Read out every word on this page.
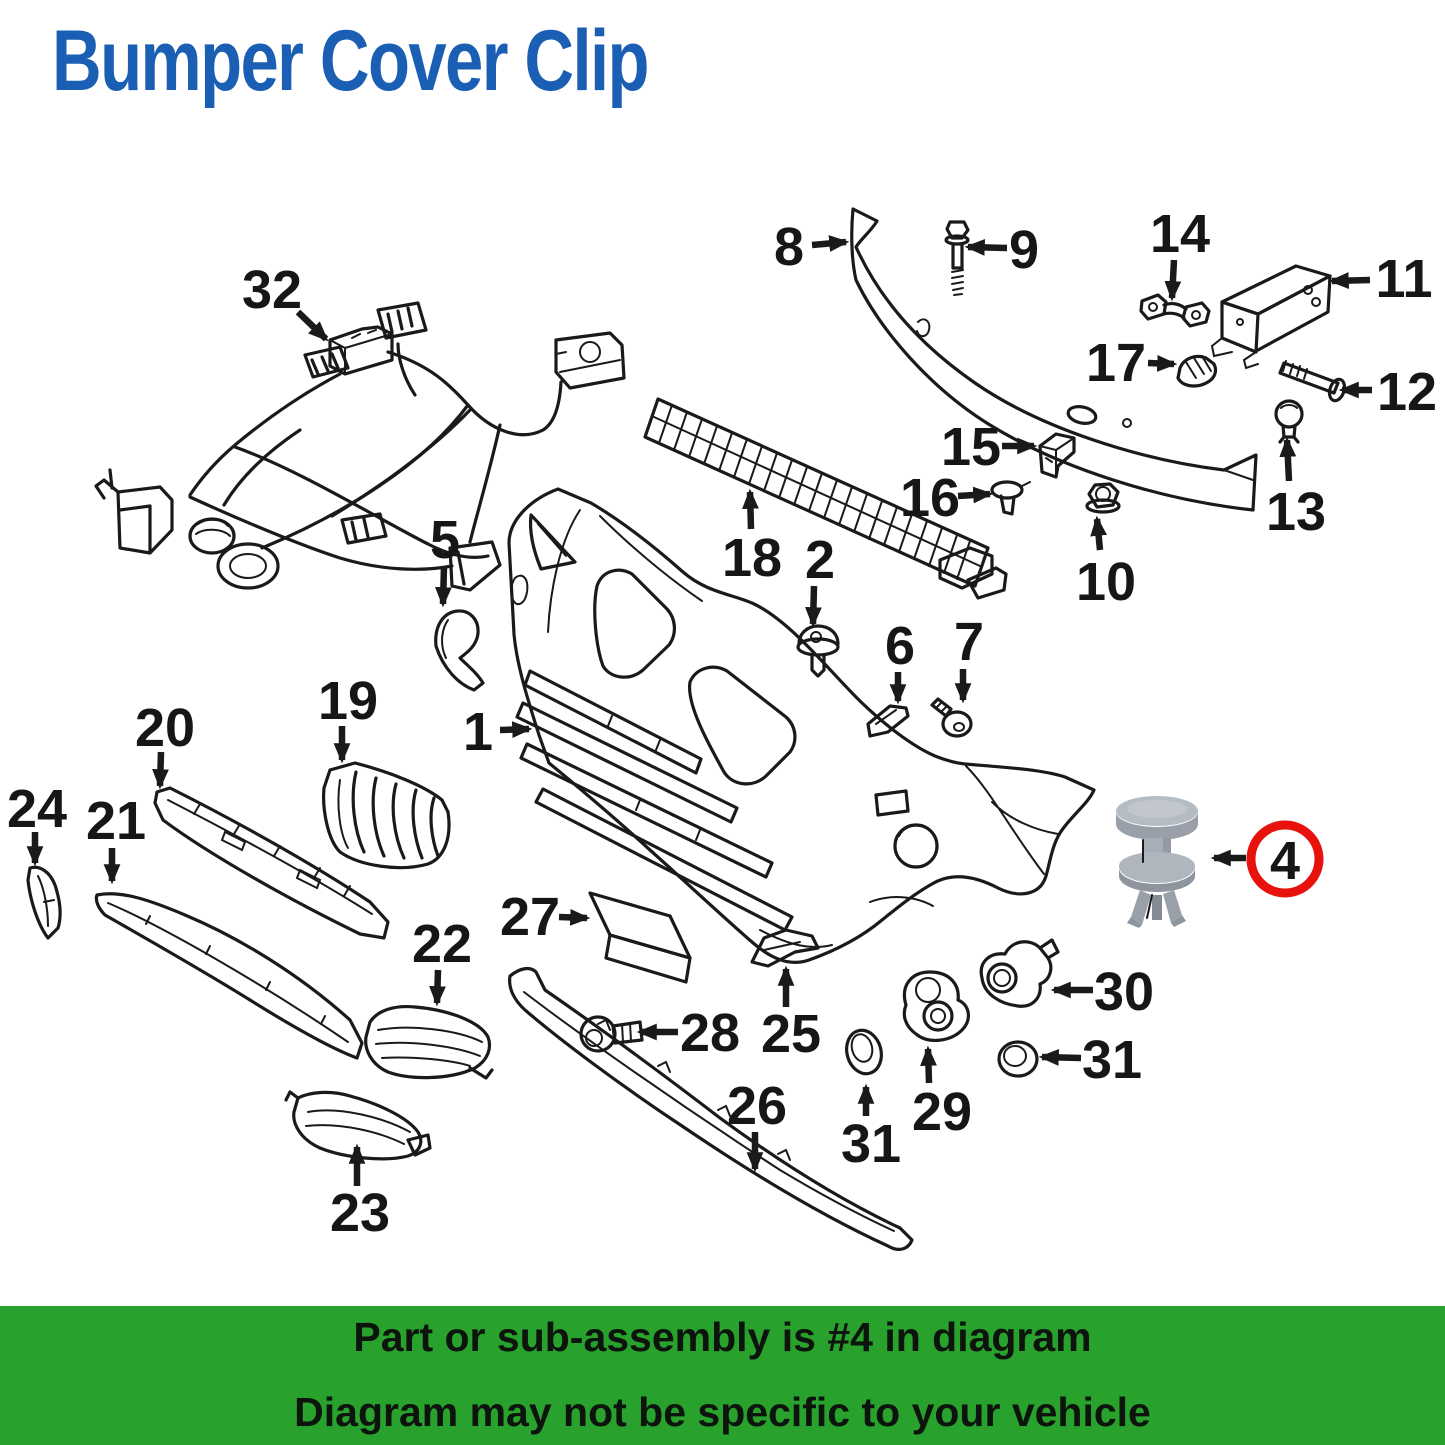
Bumper Cover Clip
1
2
5
6 7
8	9
10
11
12
13
14
15
16
17
18
19
20
21
22
23
24
25
26
27
28
29
30
31
31
32
4
Part or sub-assembly is #4 in diagram
Diagram may not be specific to your vehicle
